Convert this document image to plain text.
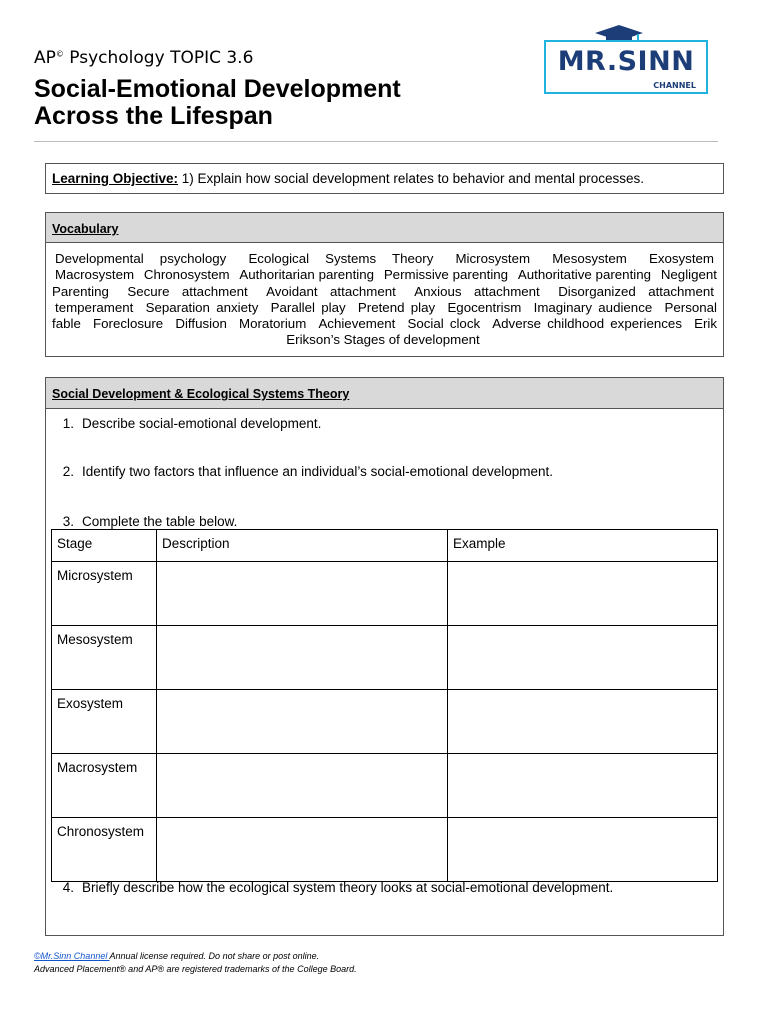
AP© Psychology TOPIC 3.6
Social-Emotional Development
Across the Lifespan
MR.SINN
CHANNEL
Learning Objective: 1) Explain how social development relates to behavior and mental processes.
Vocabulary
Developmental psychology Ecological Systems Theory Microsystem Mesosystem Exosystem Macrosystem Chronosystem Authoritarian parenting Permissive parenting Authoritative parenting Negligent Parenting Secure attachment Avoidant attachment Anxious attachment Disorganized attachment temperament Separation anxiety Parallel play Pretend play Egocentrism Imaginary audience Personal fable Foreclosure Diffusion Moratorium Achievement Social clock Adverse childhood experiences Erik Erikson’s Stages of development
Social Development & Ecological Systems Theory
1. Describe social-emotional development.
2. Identify two factors that influence an individual’s social-emotional development.
3. Complete the table below.
Stage	Description	Example
Microsystem		
Mesosystem		
Exosystem		
Macrosystem		
Chronosystem		
4. Briefly describe how the ecological system theory looks at social-emotional development.
©Mr.Sinn Channel Annual license required. Do not share or post online.
Advanced Placement® and AP® are registered trademarks of the College Board.
